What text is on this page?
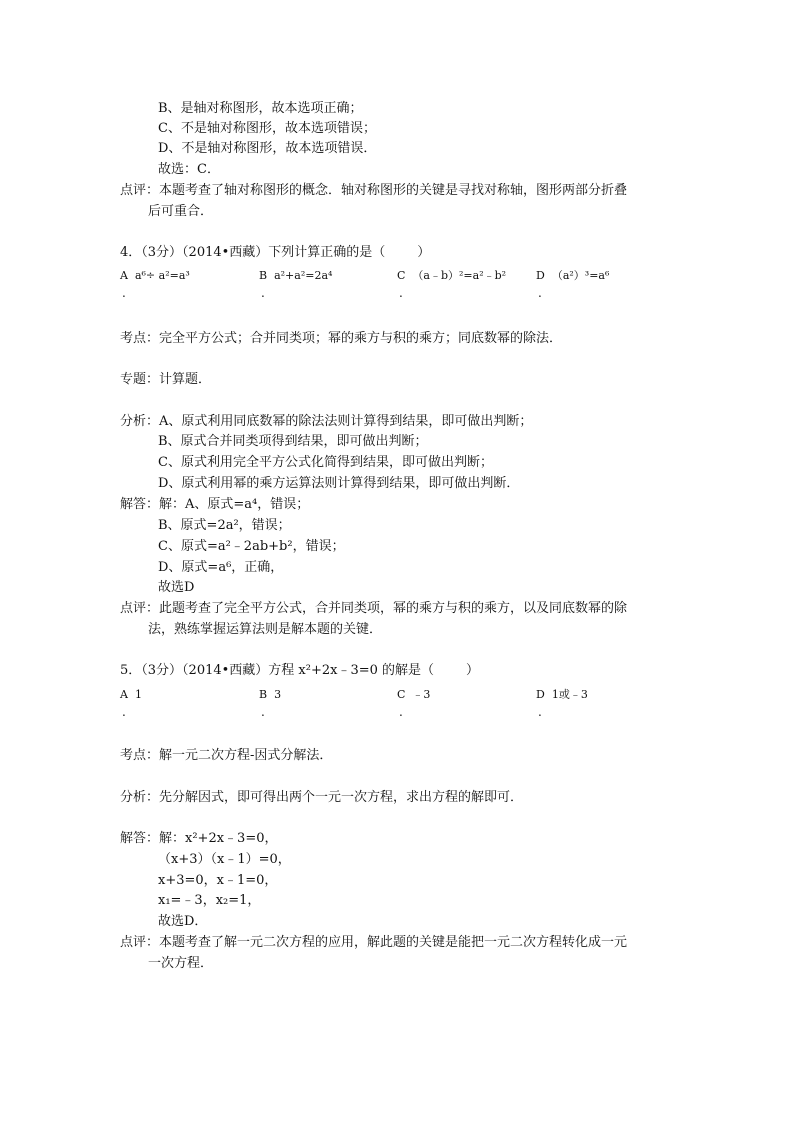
B、是轴对称图形，故本选项正确；
C、不是轴对称图形，故本选项错误；
D、不是轴对称图形，故本选项错误．
故选：C．
点评：本题考查了轴对称图形的概念．轴对称图形的关键是寻找对称轴，图形两部分折叠
后可重合．
4．（3分）（2014•西藏）下列计算正确的是（ ）
A a⁶÷ a²=a³
.
B a²+a²=2a⁴
.
C （a﹣b）²=a²﹣b²
.
D （a²）³=a⁶
.
考点：完全平方公式；合并同类项；幂的乘方与积的乘方；同底数幂的除法．
专题：计算题．
分析：A、原式利用同底数幂的除法法则计算得到结果，即可做出判断；
B、原式合并同类项得到结果，即可做出判断；
C、原式利用完全平方公式化简得到结果，即可做出判断；
D、原式利用幂的乘方运算法则计算得到结果，即可做出判断．
解答：解：A、原式=a⁴，错误；
B、原式=2a²，错误；
C、原式=a²﹣2ab+b²，错误；
D、原式=a⁶，正确，
故选D
点评：此题考查了完全平方公式，合并同类项，幂的乘方与积的乘方，以及同底数幂的除
法，熟练掌握运算法则是解本题的关键．
5．（3分）（2014•西藏）方程 x²+2x﹣3=0 的解是（ ）
A 1
.
B 3
.
C ﹣3
.
D 1或﹣3
.
考点：解一元二次方程-因式分解法．
分析：先分解因式，即可得出两个一元一次方程，求出方程的解即可．
解答：解：x²+2x﹣3=0，
（x+3）（x﹣1）=0，
x+3=0，x﹣1=0，
x₁=﹣3，x₂=1，
故选D．
点评：本题考查了解一元二次方程的应用，解此题的关键是能把一元二次方程转化成一元
一次方程．
